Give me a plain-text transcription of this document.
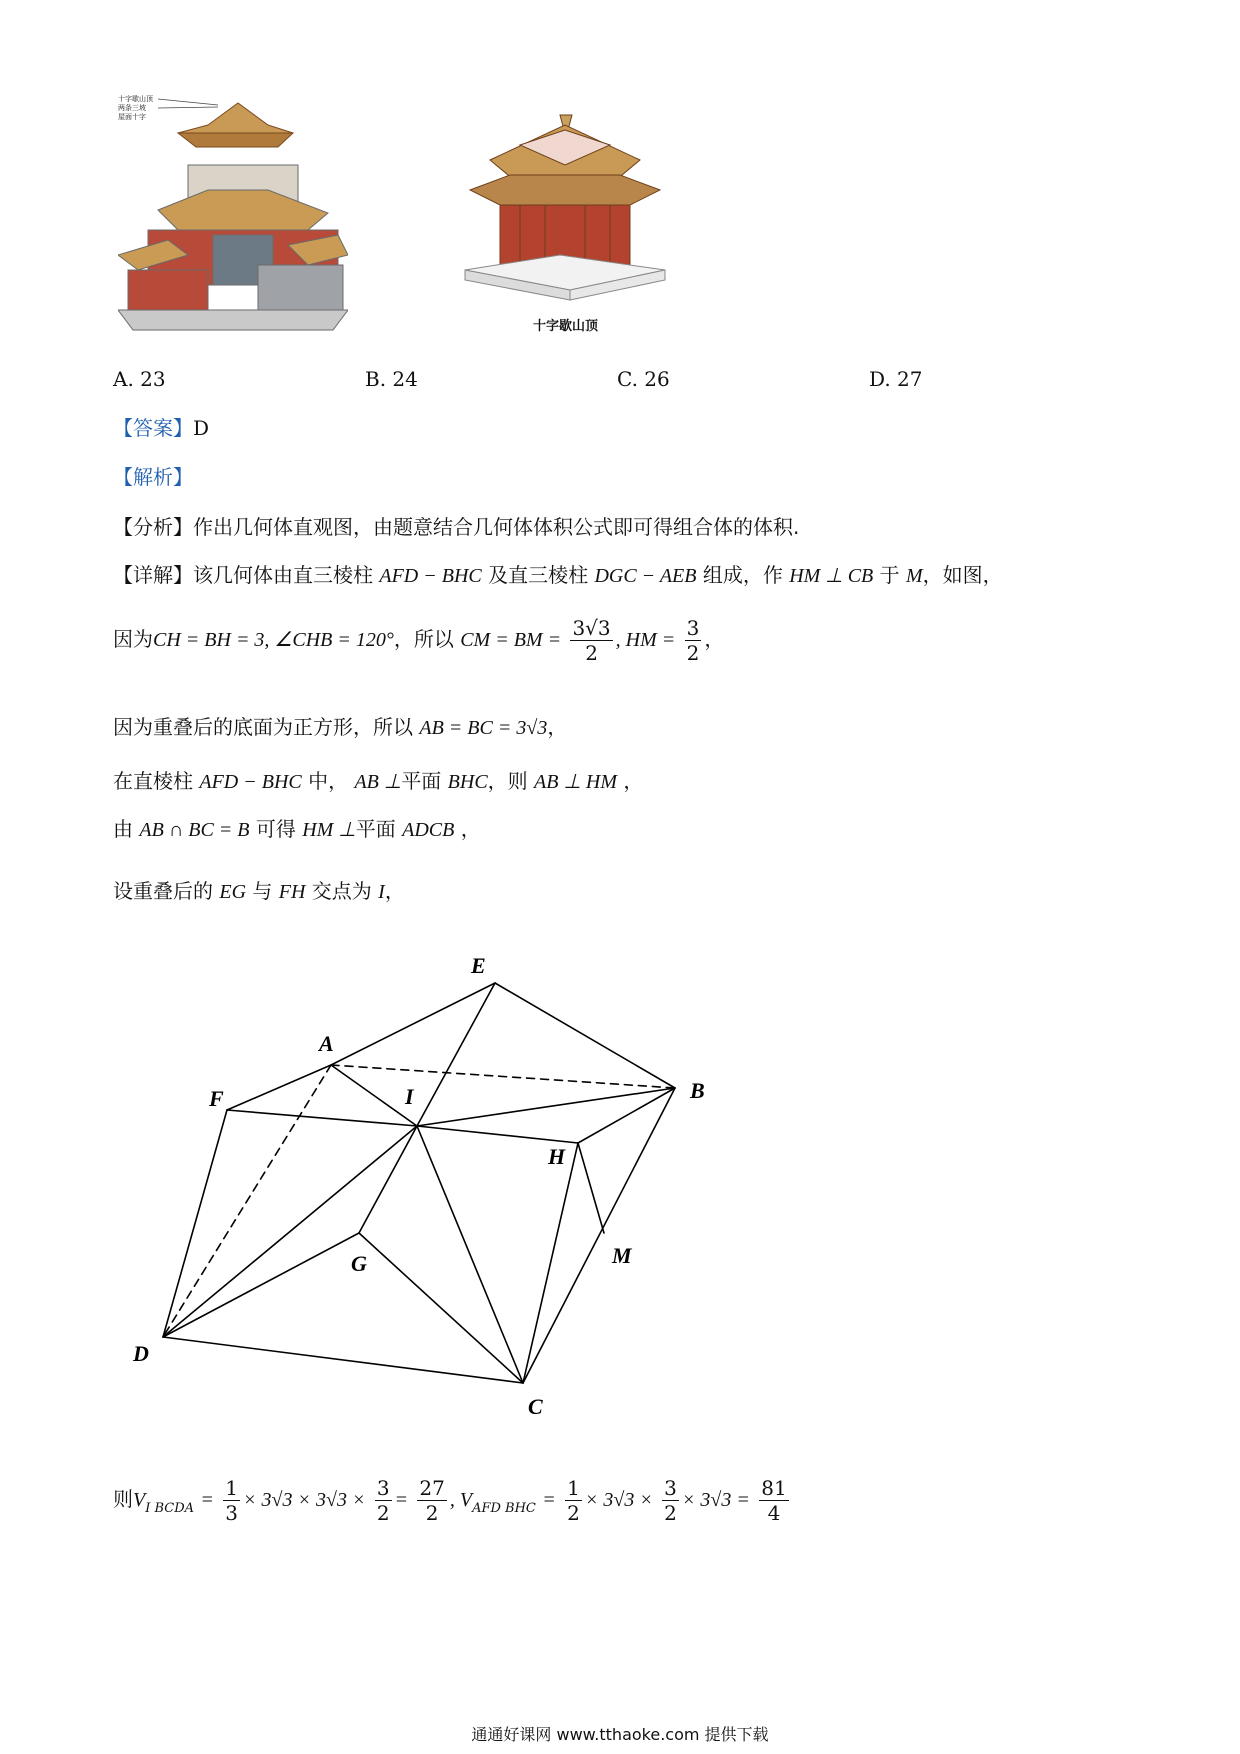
十字歇山顶
两条三坡
屋面十字
十字歇山顶
A. 23	B. 24	C. 26	D. 27
【答案】D
【解析】
【分析】作出几何体直观图，由题意结合几何体体积公式即可得组合体的体积.
【详解】该几何体由直三棱柱 AFD − BHC 及直三棱柱 DGC − AEB 组成，作 HM ⊥ CB 于 M，如图，
因为CH = BH = 3, ∠CHB = 120°，所以 CM = BM = $\frac{3√3}{2}$ , HM = $\frac{3}{2}$ ，
因为重叠后的底面为正方形，所以 AB = BC = 3√3，
在直棱柱 AFD − BHC 中， AB ⊥平面 BHC，则 AB ⊥ HM ，
由 AB ∩ BC = B 可得 HM ⊥平面 ADCB ，
设重叠后的 EG 与 FH 交点为 I，
E
A
B
F	I
H
M
G
D
C
则$V_{I BCDA} = \frac{1}{3} \times 3√3 \times 3√3 \times \frac{3}{2} = \frac{27}{2}$ , $V_{AFD BHC} = \frac{1}{2} \times 3√3 \times \frac{3}{2} \times 3√3 = \frac{81}{4}$
通通好课网 www.tthaoke.com 提供下载
